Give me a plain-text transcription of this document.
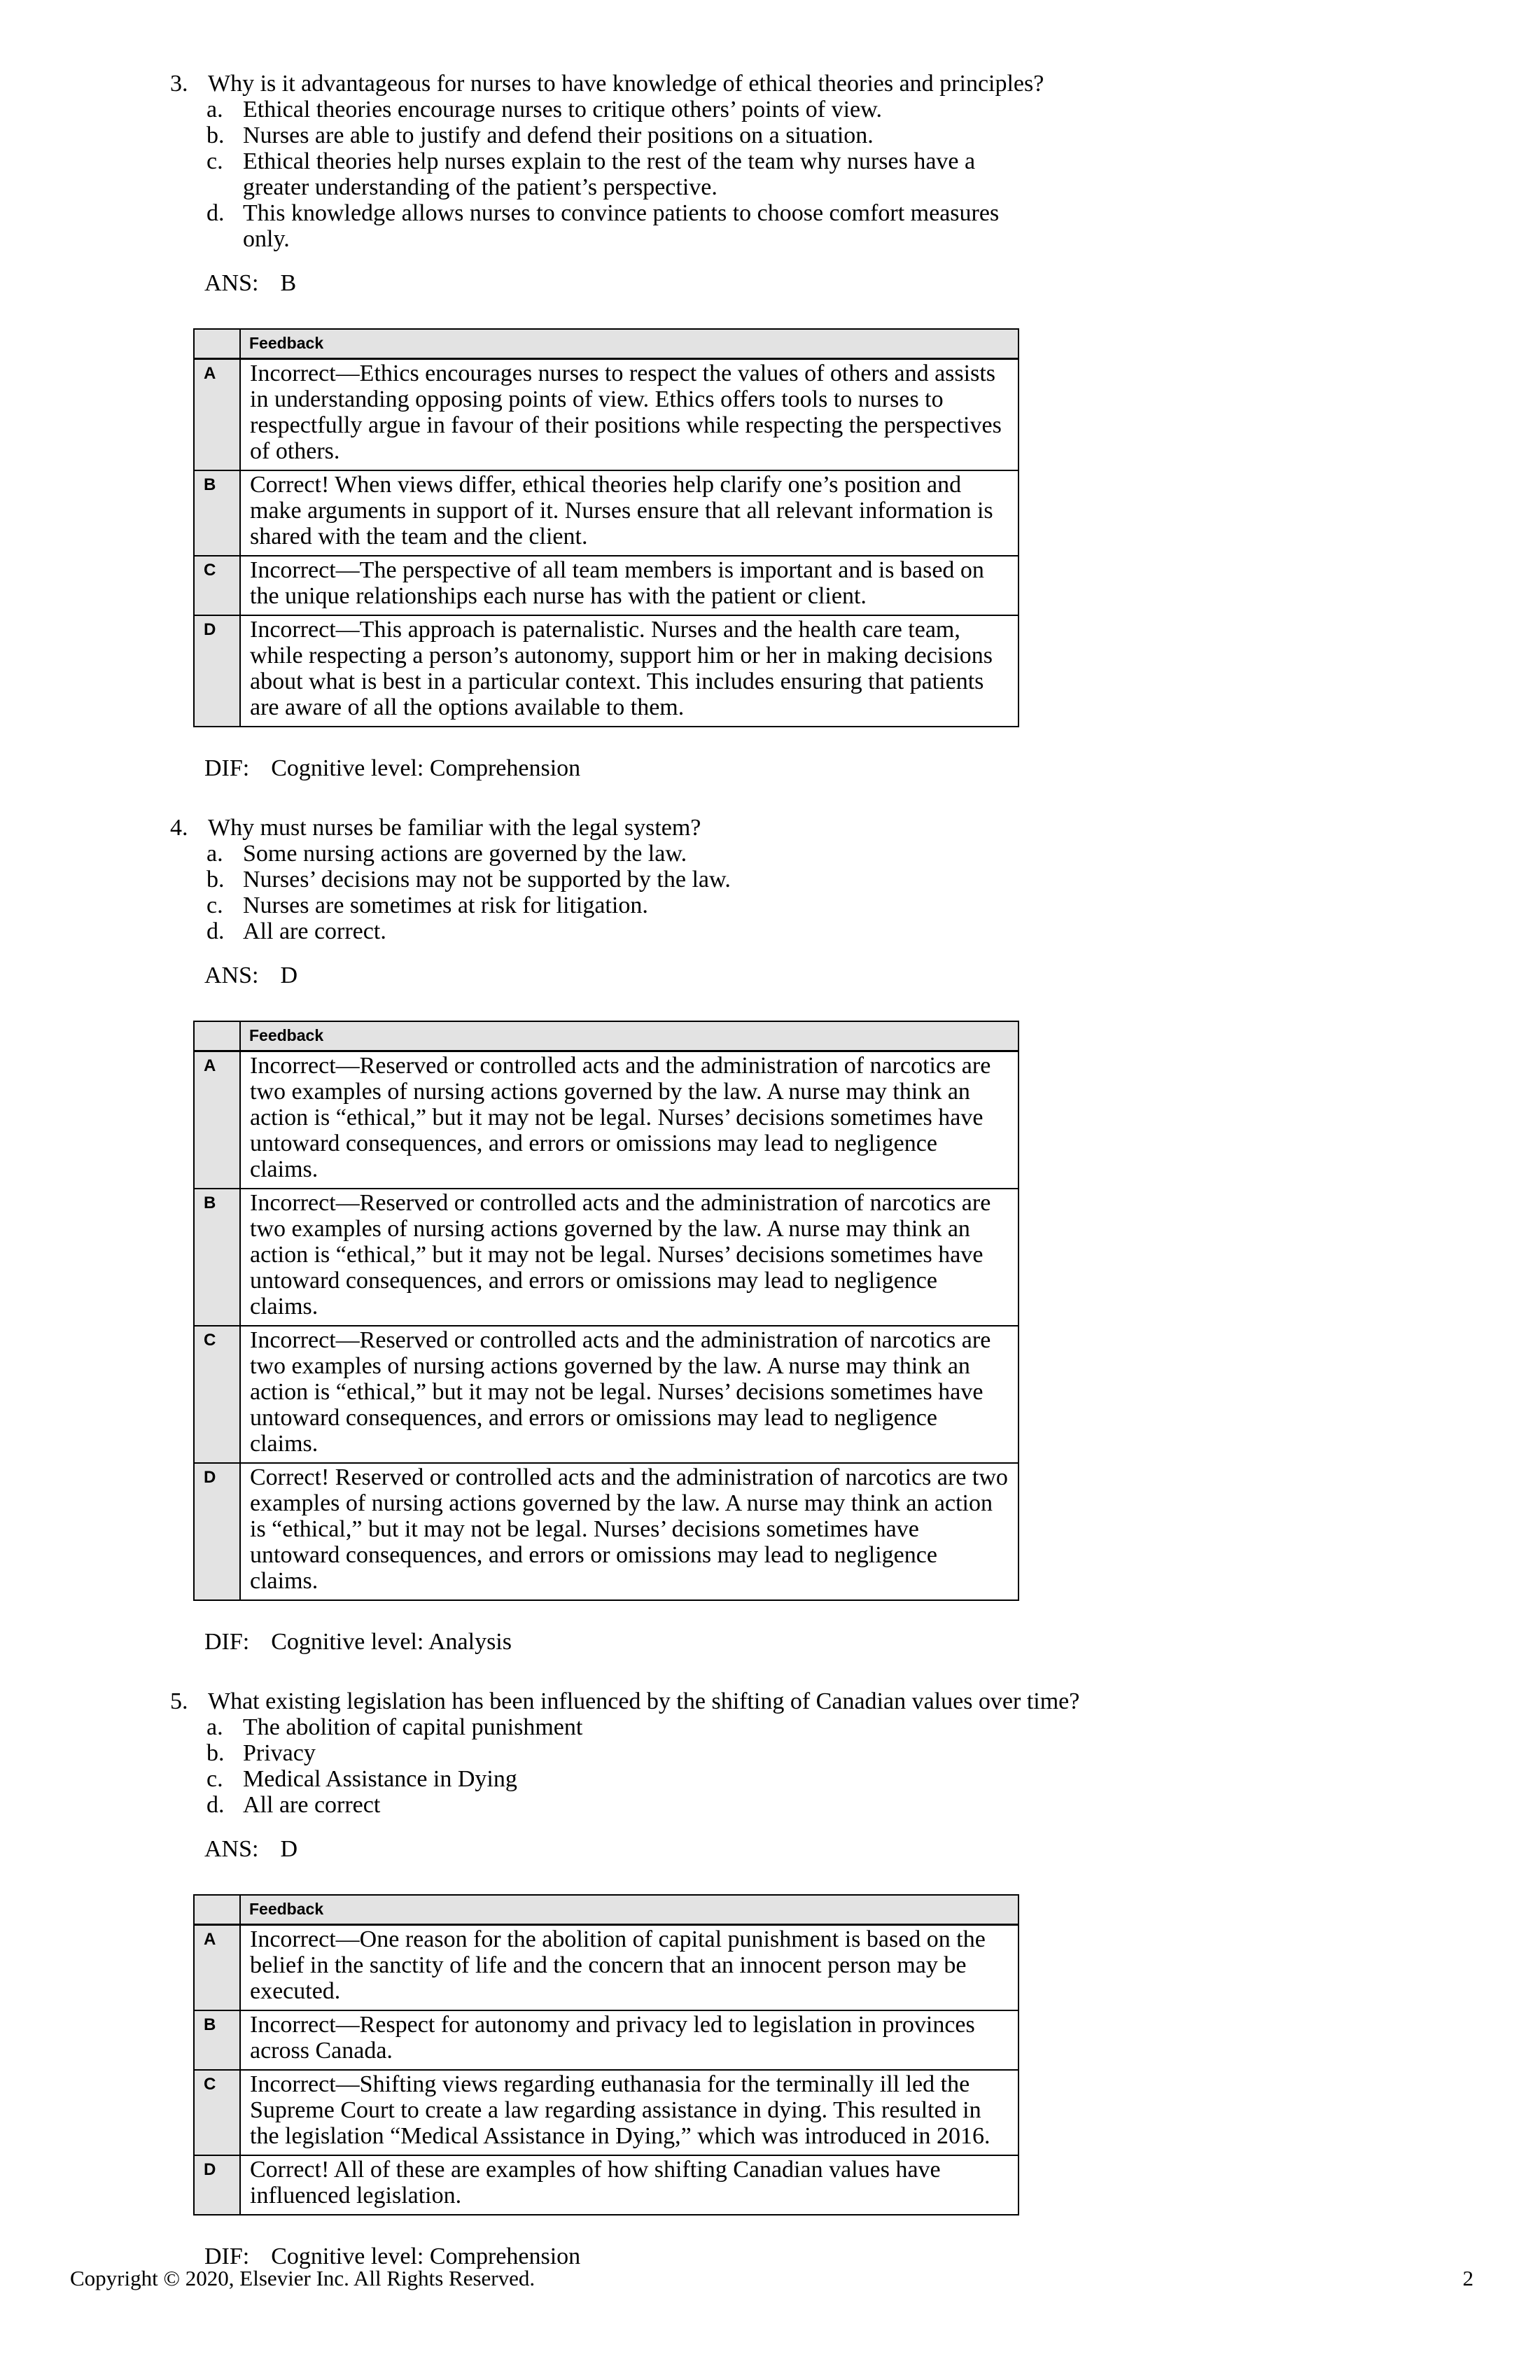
3. Why is it advantageous for nurses to have knowledge of ethical theories and principles?
a. Ethical theories encourage nurses to critique others’ points of view.
b. Nurses are able to justify and defend their positions on a situation.
c. Ethical theories help nurses explain to the rest of the team why nurses have a greater understanding of the patient’s perspective.
d. This knowledge allows nurses to convince patients to choose comfort measures only.
ANS: B
	Feedback
A	Incorrect—Ethics encourages nurses to respect the values of others and assists in understanding opposing points of view. Ethics offers tools to nurses to respectfully argue in favour of their positions while respecting the perspectives of others.
B	Correct! When views differ, ethical theories help clarify one’s position and make arguments in support of it. Nurses ensure that all relevant information is shared with the team and the client.
C	Incorrect—The perspective of all team members is important and is based on the unique relationships each nurse has with the patient or client.
D	Incorrect—This approach is paternalistic. Nurses and the health care team, while respecting a person’s autonomy, support him or her in making decisions about what is best in a particular context. This includes ensuring that patients are aware of all the options available to them.
DIF: Cognitive level: Comprehension
4. Why must nurses be familiar with the legal system?
a. Some nursing actions are governed by the law.
b. Nurses’ decisions may not be supported by the law.
c. Nurses are sometimes at risk for litigation.
d. All are correct.
ANS: D
	Feedback
A	Incorrect—Reserved or controlled acts and the administration of narcotics are two examples of nursing actions governed by the law. A nurse may think an action is “ethical,” but it may not be legal. Nurses’ decisions sometimes have untoward consequences, and errors or omissions may lead to negligence claims.
B	Incorrect—Reserved or controlled acts and the administration of narcotics are two examples of nursing actions governed by the law. A nurse may think an action is “ethical,” but it may not be legal. Nurses’ decisions sometimes have untoward consequences, and errors or omissions may lead to negligence claims.
C	Incorrect—Reserved or controlled acts and the administration of narcotics are two examples of nursing actions governed by the law. A nurse may think an action is “ethical,” but it may not be legal. Nurses’ decisions sometimes have untoward consequences, and errors or omissions may lead to negligence claims.
D	Correct! Reserved or controlled acts and the administration of narcotics are two examples of nursing actions governed by the law. A nurse may think an action is “ethical,” but it may not be legal. Nurses’ decisions sometimes have untoward consequences, and errors or omissions may lead to negligence claims.
DIF: Cognitive level: Analysis
5. What existing legislation has been influenced by the shifting of Canadian values over time?
a. The abolition of capital punishment
b. Privacy
c. Medical Assistance in Dying
d. All are correct
ANS: D
	Feedback
A	Incorrect—One reason for the abolition of capital punishment is based on the belief in the sanctity of life and the concern that an innocent person may be executed.
B	Incorrect—Respect for autonomy and privacy led to legislation in provinces across Canada.
C	Incorrect—Shifting views regarding euthanasia for the terminally ill led the Supreme Court to create a law regarding assistance in dying. This resulted in the legislation “Medical Assistance in Dying,” which was introduced in 2016.
D	Correct! All of these are examples of how shifting Canadian values have influenced legislation.
DIF: Cognitive level: Comprehension
Copyright © 2020, Elsevier Inc. All Rights Reserved.	2
